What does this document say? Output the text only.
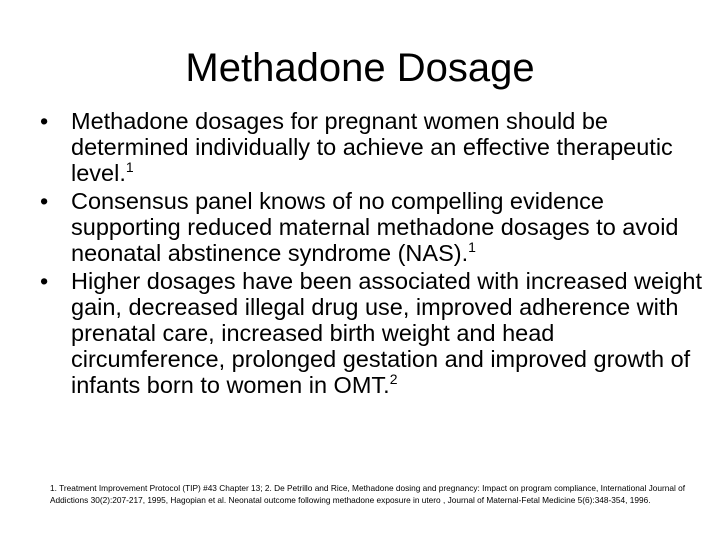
Methadone Dosage
• Methadone dosages for pregnant women should be determined individually to achieve an effective therapeutic level.$^1$
• Consensus panel knows of no compelling evidence supporting reduced maternal methadone dosages to avoid neonatal abstinence syndrome (NAS).$^1$
• Higher dosages have been associated with increased weight gain, decreased illegal drug use, improved adherence with prenatal care, increased birth weight and head circumference, prolonged gestation and improved growth of infants born to women in OMT.$^2$

1. Treatment Improvement Protocol (TIP) #43 Chapter 13; 2. De Petrillo and Rice, Methadone dosing and pregnancy: Impact on program compliance, International Journal of Addictions 30(2):207-217, 1995, Hagopian et al. Neonatal outcome following methadone exposure in utero , Journal of Maternal-Fetal Medicine 5(6):348-354, 1996.
